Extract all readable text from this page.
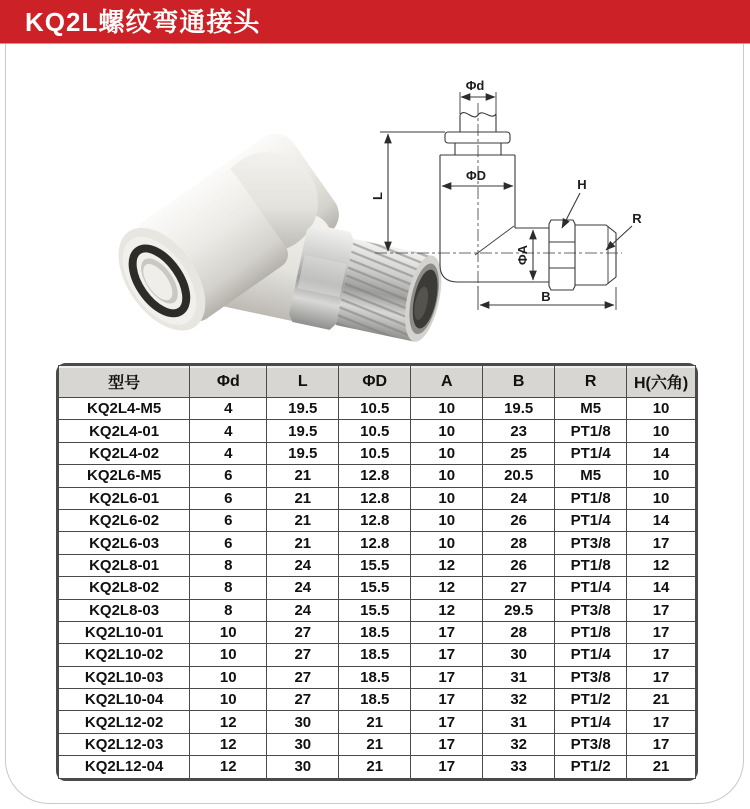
KQ2L螺纹弯通接头
Φd
ΦD
L
ΦA
B
H
R
型号	Φd	L	ΦD	A	B	R	H(六角)
KQ2L4-M5	4	19.5	10.5	10	19.5	M5	10
KQ2L4-01	4	19.5	10.5	10	23	PT1/8	10
KQ2L4-02	4	19.5	10.5	10	25	PT1/4	14
KQ2L6-M5	6	21	12.8	10	20.5	M5	10
KQ2L6-01	6	21	12.8	10	24	PT1/8	10
KQ2L6-02	6	21	12.8	10	26	PT1/4	14
KQ2L6-03	6	21	12.8	10	28	PT3/8	17
KQ2L8-01	8	24	15.5	12	26	PT1/8	12
KQ2L8-02	8	24	15.5	12	27	PT1/4	14
KQ2L8-03	8	24	15.5	12	29.5	PT3/8	17
KQ2L10-01	10	27	18.5	17	28	PT1/8	17
KQ2L10-02	10	27	18.5	17	30	PT1/4	17
KQ2L10-03	10	27	18.5	17	31	PT3/8	17
KQ2L10-04	10	27	18.5	17	32	PT1/2	21
KQ2L12-02	12	30	21	17	31	PT1/4	17
KQ2L12-03	12	30	21	17	32	PT3/8	17
KQ2L12-04	12	30	21	17	33	PT1/2	21
